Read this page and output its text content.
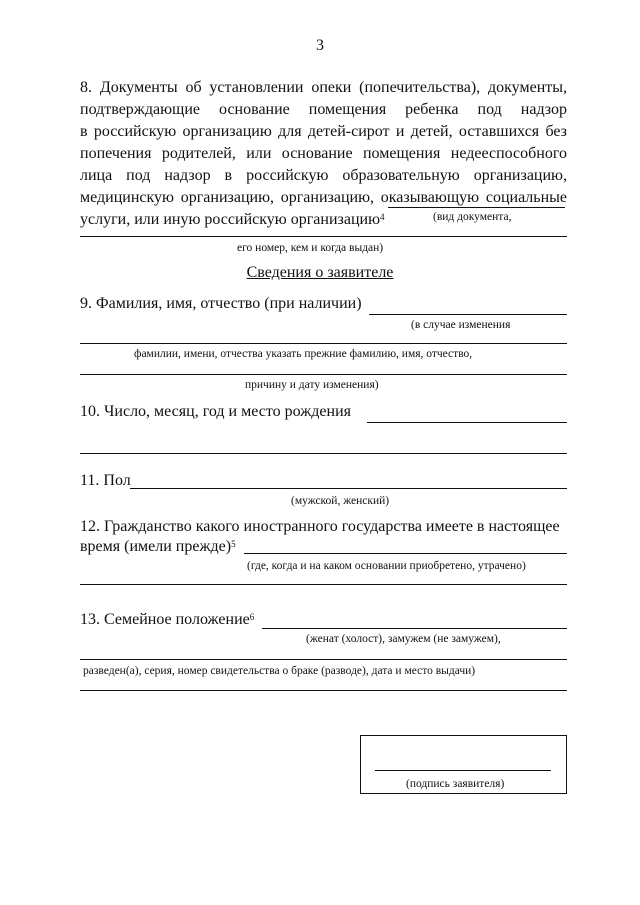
3
8. Документы об установлении опеки (попечительства), документы,
подтверждающие основание помещения ребенка под надзор
в российскую организацию для детей-сирот и детей, оставшихся без
попечения родителей, или основание помещения недееспособного
лица под надзор в российскую образовательную организацию,
медицинскую организацию, организацию, оказывающую социальные
услуги, или иную российскую организацию$^4$	(вид документа,
его номер, кем и когда выдан)
Сведения о заявителе
9. Фамилия, имя, отчество (при наличии)
(в случае изменения
фамилии, имени, отчества указать прежние фамилию, имя, отчество,
причину и дату изменения)
10. Число, месяц, год и место рождения
11. Пол
(мужской, женский)
12. Гражданство какого иностранного государства имеете в настоящее
время (имели прежде)$^5$
(где, когда и на каком основании приобретено, утрачено)
13. Семейное положение$^6$
(женат (холост), замужем (не замужем),
разведен(а), серия, номер свидетельства о браке (разводе), дата и место выдачи)
(подпись заявителя)
